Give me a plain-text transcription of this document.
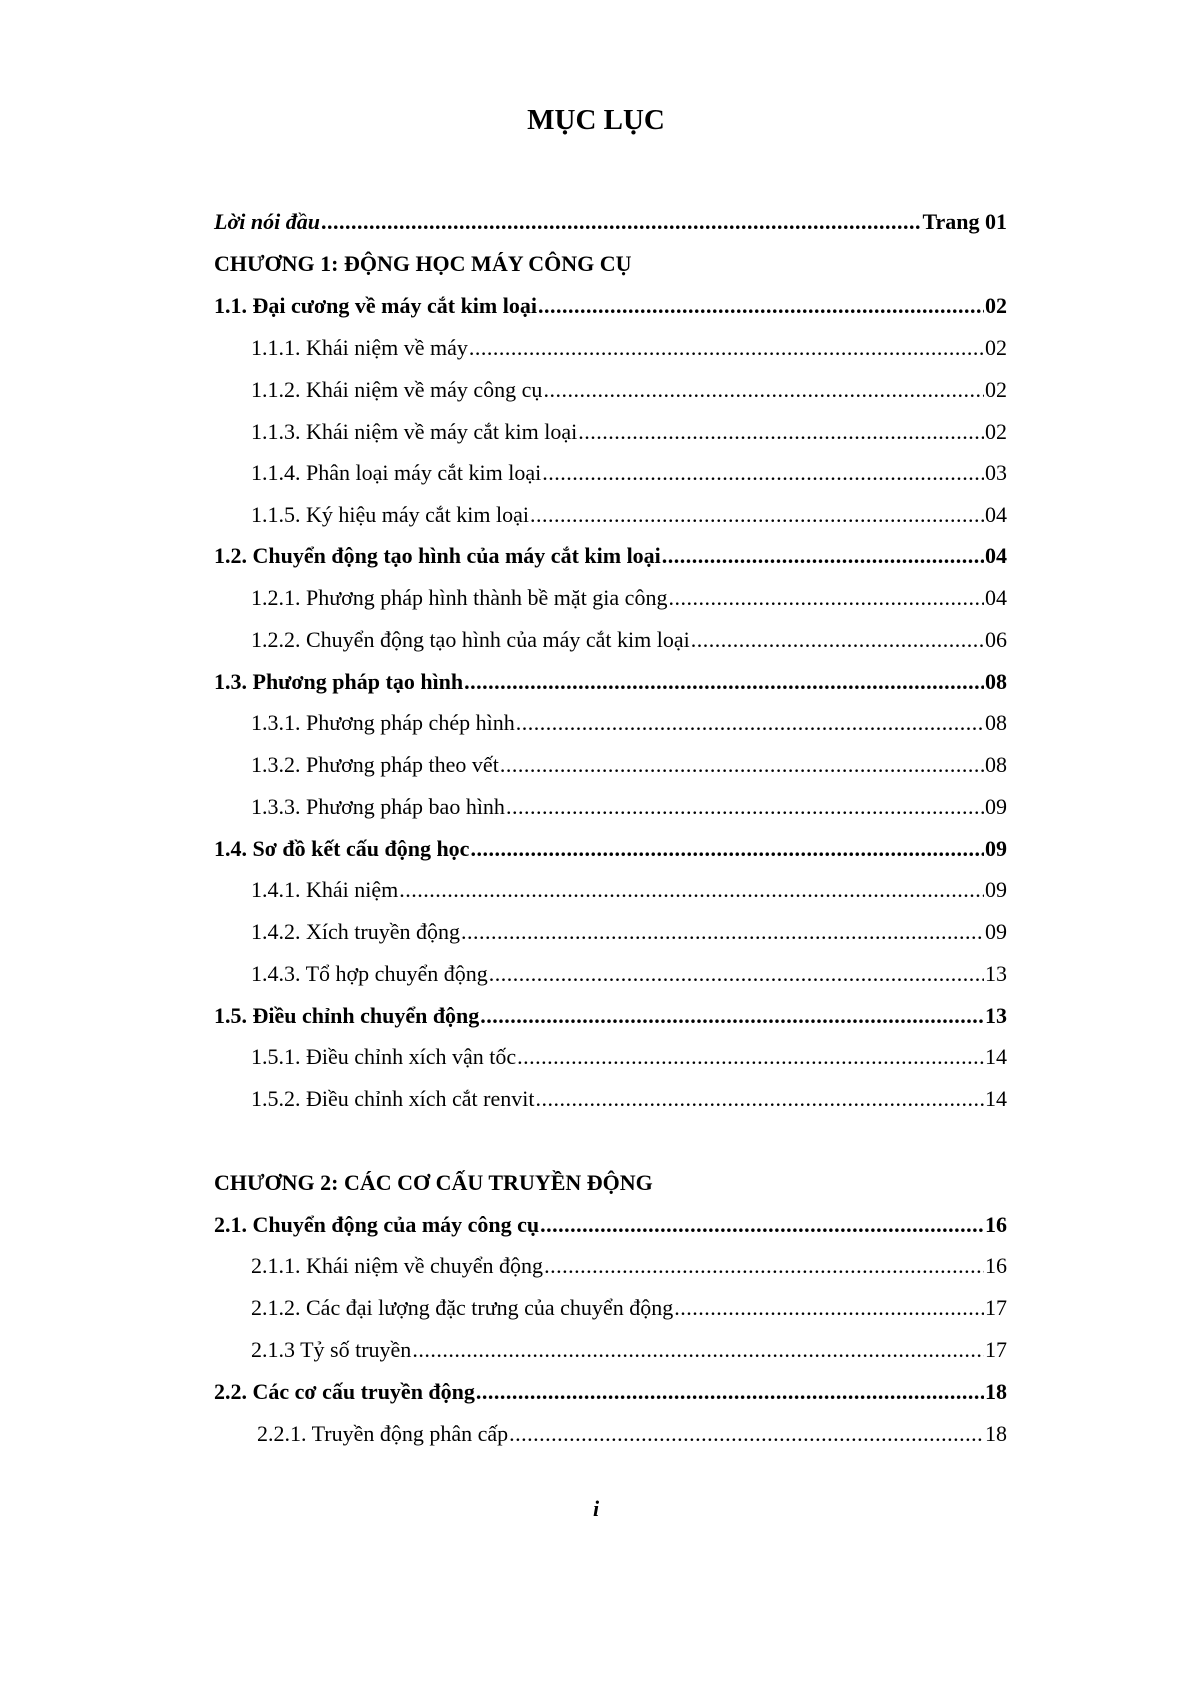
MỤC LỤC
Lời nói đầu .....	Trang 01
CHƯƠNG 1: ĐỘNG HỌC MÁY CÔNG CỤ
1.1. Đại cương về máy cắt kim loại .....	02
1.1.1. Khái niệm về máy .....	02
1.1.2. Khái niệm về máy công cụ .....	02
1.1.3. Khái niệm về máy cắt kim loại .....	02
1.1.4. Phân loại máy cắt kim loại .....	03
1.1.5. Ký hiệu máy cắt kim loại .....	04
1.2. Chuyển động tạo hình của máy cắt kim loại .....	04
1.2.1. Phương pháp hình thành bề mặt gia công .....	04
1.2.2. Chuyển động tạo hình của máy cắt kim loại .....	06
1.3. Phương pháp tạo hình .....	08
1.3.1. Phương pháp chép hình .....	08
1.3.2. Phương pháp theo vết .....	08
1.3.3. Phương pháp bao hình .....	09
1.4. Sơ đồ kết cấu động học .....	09
1.4.1. Khái niệm .....	09
1.4.2. Xích truyền động .....	09
1.4.3. Tổ hợp chuyển động .....	13
1.5. Điều chỉnh chuyển động .....	13
1.5.1. Điều chỉnh xích vận tốc .....	14
1.5.2. Điều chỉnh xích cắt renvit .....	14
CHƯƠNG 2: CÁC CƠ CẤU TRUYỀN ĐỘNG
2.1. Chuyển động của máy công cụ .....	16
2.1.1. Khái niệm về chuyển động .....	16
2.1.2. Các đại lượng đặc trưng của chuyển động .....	17
2.1.3 Tỷ số truyền .....	17
2.2. Các cơ cấu truyền động .....	18
2.2.1. Truyền động phân cấp .....	18
i
